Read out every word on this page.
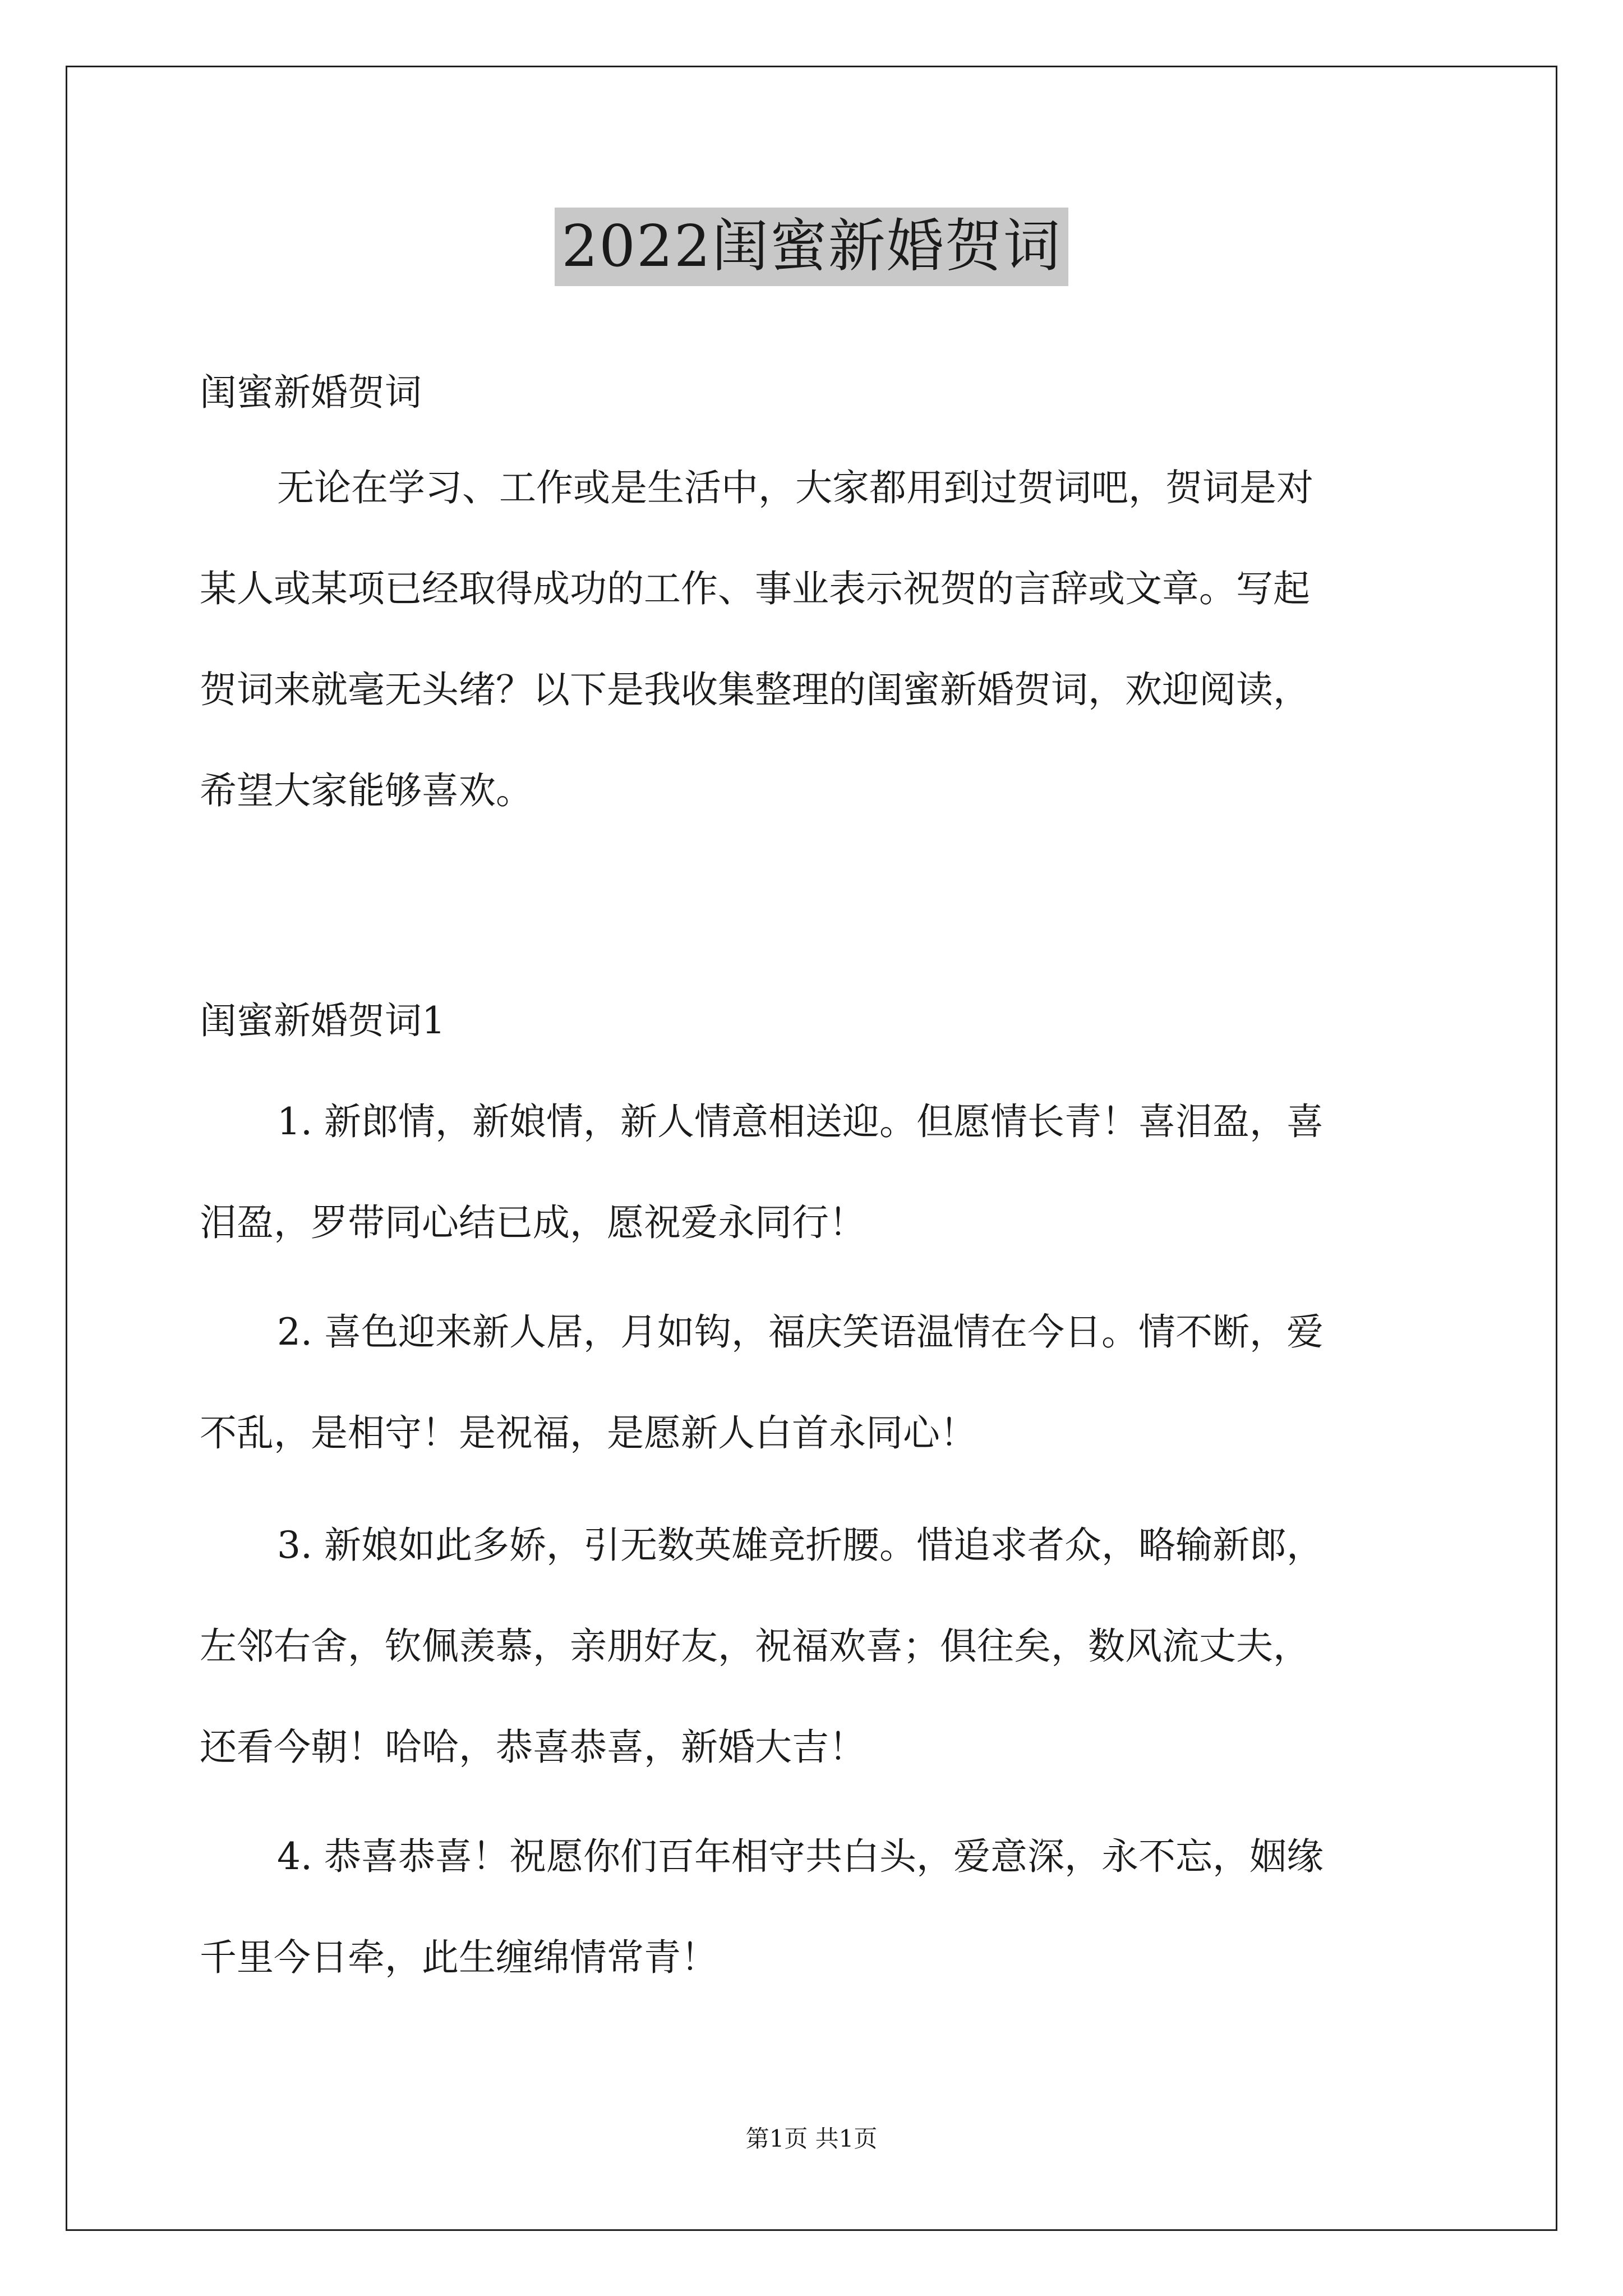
2022闺蜜新婚贺词
闺蜜新婚贺词
无论在学习、工作或是生活中，大家都用到过贺词吧，贺词是对
某人或某项已经取得成功的工作、事业表示祝贺的言辞或文章。写起
贺词来就毫无头绪？以下是我收集整理的闺蜜新婚贺词，欢迎阅读，
希望大家能够喜欢。
闺蜜新婚贺词1
1. 新郎情，新娘情，新人情意相送迎。但愿情长青！喜泪盈，喜
泪盈，罗带同心结已成，愿祝爱永同行！
2. 喜色迎来新人居，月如钩，福庆笑语温情在今日。情不断，爱
不乱，是相守！是祝福，是愿新人白首永同心！
3. 新娘如此多娇，引无数英雄竞折腰。惜追求者众，略输新郎，
左邻右舍，钦佩羡慕，亲朋好友，祝福欢喜；俱往矣，数风流丈夫，
还看今朝！哈哈，恭喜恭喜，新婚大吉！
4. 恭喜恭喜！祝愿你们百年相守共白头，爱意深，永不忘，姻缘
千里今日牵，此生缠绵情常青！
第1页 共1页
